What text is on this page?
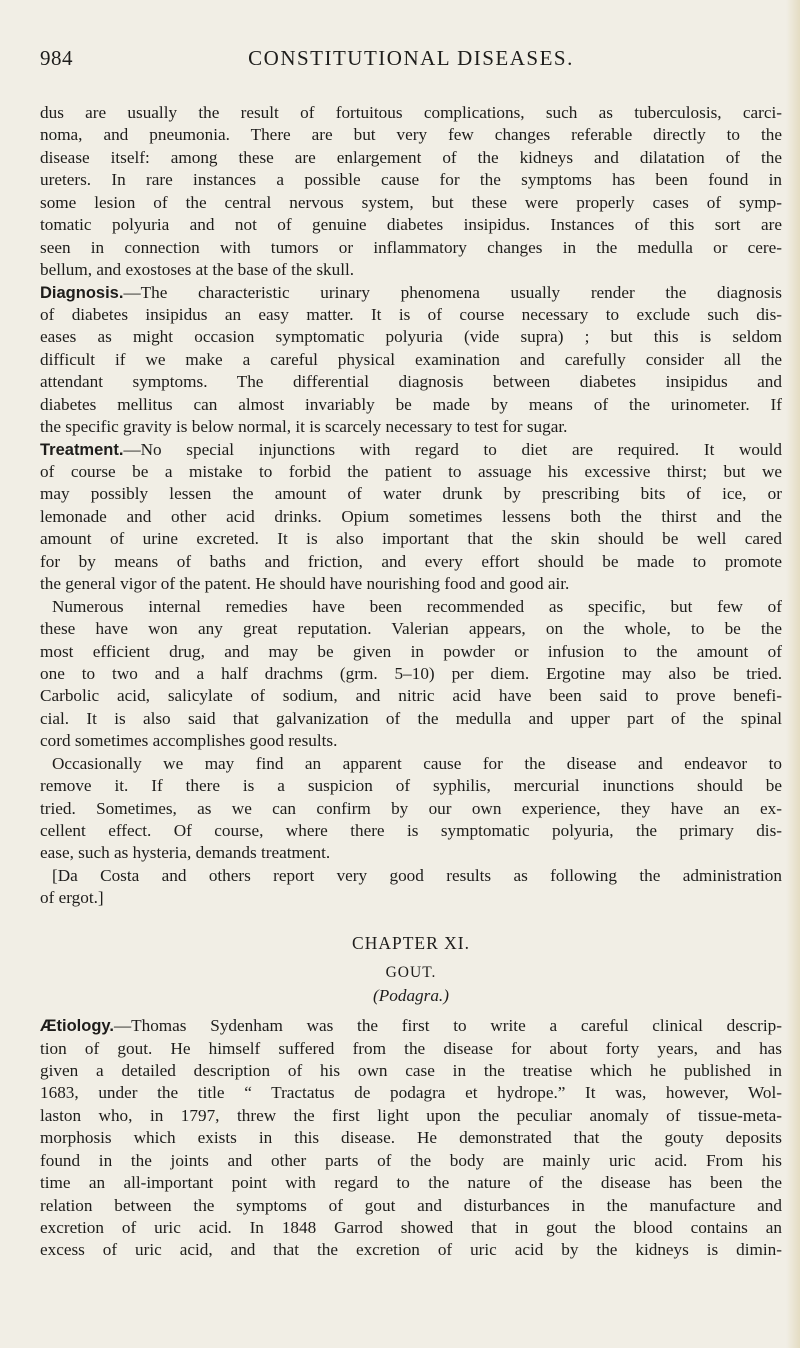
984	CONSTITUTIONAL DISEASES.
dus are usually the result of fortuitous complications, such as tuberculosis, carci-
noma, and pneumonia. There are but very few changes referable directly to the
disease itself: among these are enlargement of the kidneys and dilatation of the
ureters. In rare instances a possible cause for the symptoms has been found in
some lesion of the central nervous system, but these were properly cases of symp-
tomatic polyuria and not of genuine diabetes insipidus. Instances of this sort are
seen in connection with tumors or inflammatory changes in the medulla or cere-
bellum, and exostoses at the base of the skull.
Diagnosis.—The characteristic urinary phenomena usually render the diagnosis
of diabetes insipidus an easy matter. It is of course necessary to exclude such dis-
eases as might occasion symptomatic polyuria (vide supra) ; but this is seldom
difficult if we make a careful physical examination and carefully consider all the
attendant symptoms. The differential diagnosis between diabetes insipidus and
diabetes mellitus can almost invariably be made by means of the urinometer. If
the specific gravity is below normal, it is scarcely necessary to test for sugar.
Treatment.—No special injunctions with regard to diet are required. It would
of course be a mistake to forbid the patient to assuage his excessive thirst; but we
may possibly lessen the amount of water drunk by prescribing bits of ice, or
lemonade and other acid drinks. Opium sometimes lessens both the thirst and the
amount of urine excreted. It is also important that the skin should be well cared
for by means of baths and friction, and every effort should be made to promote
the general vigor of the patent. He should have nourishing food and good air.
Numerous internal remedies have been recommended as specific, but few of
these have won any great reputation. Valerian appears, on the whole, to be the
most efficient drug, and may be given in powder or infusion to the amount of
one to two and a half drachms (grm. 5–10) per diem. Ergotine may also be tried.
Carbolic acid, salicylate of sodium, and nitric acid have been said to prove benefi-
cial. It is also said that galvanization of the medulla and upper part of the spinal
cord sometimes accomplishes good results.
Occasionally we may find an apparent cause for the disease and endeavor to
remove it. If there is a suspicion of syphilis, mercurial inunctions should be
tried. Sometimes, as we can confirm by our own experience, they have an ex-
cellent effect. Of course, where there is symptomatic polyuria, the primary dis-
ease, such as hysteria, demands treatment.
[Da Costa and others report very good results as following the administration
of ergot.]
CHAPTER XI.
GOUT.
(Podagra.)
Ætiology.—Thomas Sydenham was the first to write a careful clinical descrip-
tion of gout. He himself suffered from the disease for about forty years, and has
given a detailed description of his own case in the treatise which he published in
1683, under the title “ Tractatus de podagra et hydrope.” It was, however, Wol-
laston who, in 1797, threw the first light upon the peculiar anomaly of tissue-meta-
morphosis which exists in this disease. He demonstrated that the gouty deposits
found in the joints and other parts of the body are mainly uric acid. From his
time an all-important point with regard to the nature of the disease has been the
relation between the symptoms of gout and disturbances in the manufacture and
excretion of uric acid. In 1848 Garrod showed that in gout the blood contains an
excess of uric acid, and that the excretion of uric acid by the kidneys is dimin-
